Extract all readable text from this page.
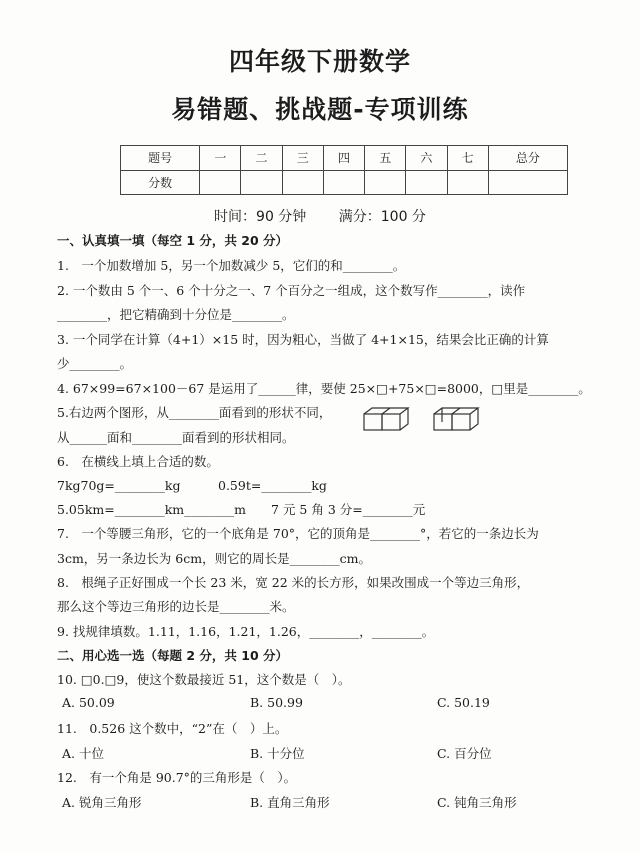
四年级下册数学
易错题、挑战题-专项训练
题号	一	二	三	四	五	六	七	总分
分数								
时间：90 分钟 满分：100 分
一、认真填一填（每空 1 分，共 20 分）
1.　一个加数增加 5，另一个加数减少 5，它们的和________。
2. 一个数由 5 个一、6 个十分之一、7 个百分之一组成，这个数写作________，读作
________，把它精确到十分位是________。
3. 一个同学在计算（4+1）×15 时，因为粗心，当做了 4+1×15，结果会比正确的计算
少________。
4. 67×99=67×100－67 是运用了______律，要使 25×□+75×□=8000，□里是________。
5.右边两个图形，从________面看到的形状不同，
从______面和________面看到的形状相同。
6.　在横线上填上合适的数。
7kg70g=________kg　　　0.59t=________kg
5.05km=________km________m　　7 元 5 角 3 分=________元
7.　一个等腰三角形，它的一个底角是 70°，它的顶角是________°，若它的一条边长为
3cm，另一条边长为 6cm，则它的周长是________cm。
8.　根绳子正好围成一个长 23 米，宽 22 米的长方形，如果改围成一个等边三角形，
那么这个等边三角形的边长是________米。
9. 找规律填数。1.11，1.16，1.21，1.26，________，________。
二、用心选一选（每题 2 分，共 10 分）
10. □0.□9，使这个数最接近 51，这个数是（　）。
A. 50.09	B. 50.99	C. 50.19
11.　0.526 这个数中，“2”在（　）上。
A. 十位	B. 十分位	C. 百分位
12.　有一个角是 90.7°的三角形是（　）。
A. 锐角三角形	B. 直角三角形	C. 钝角三角形
